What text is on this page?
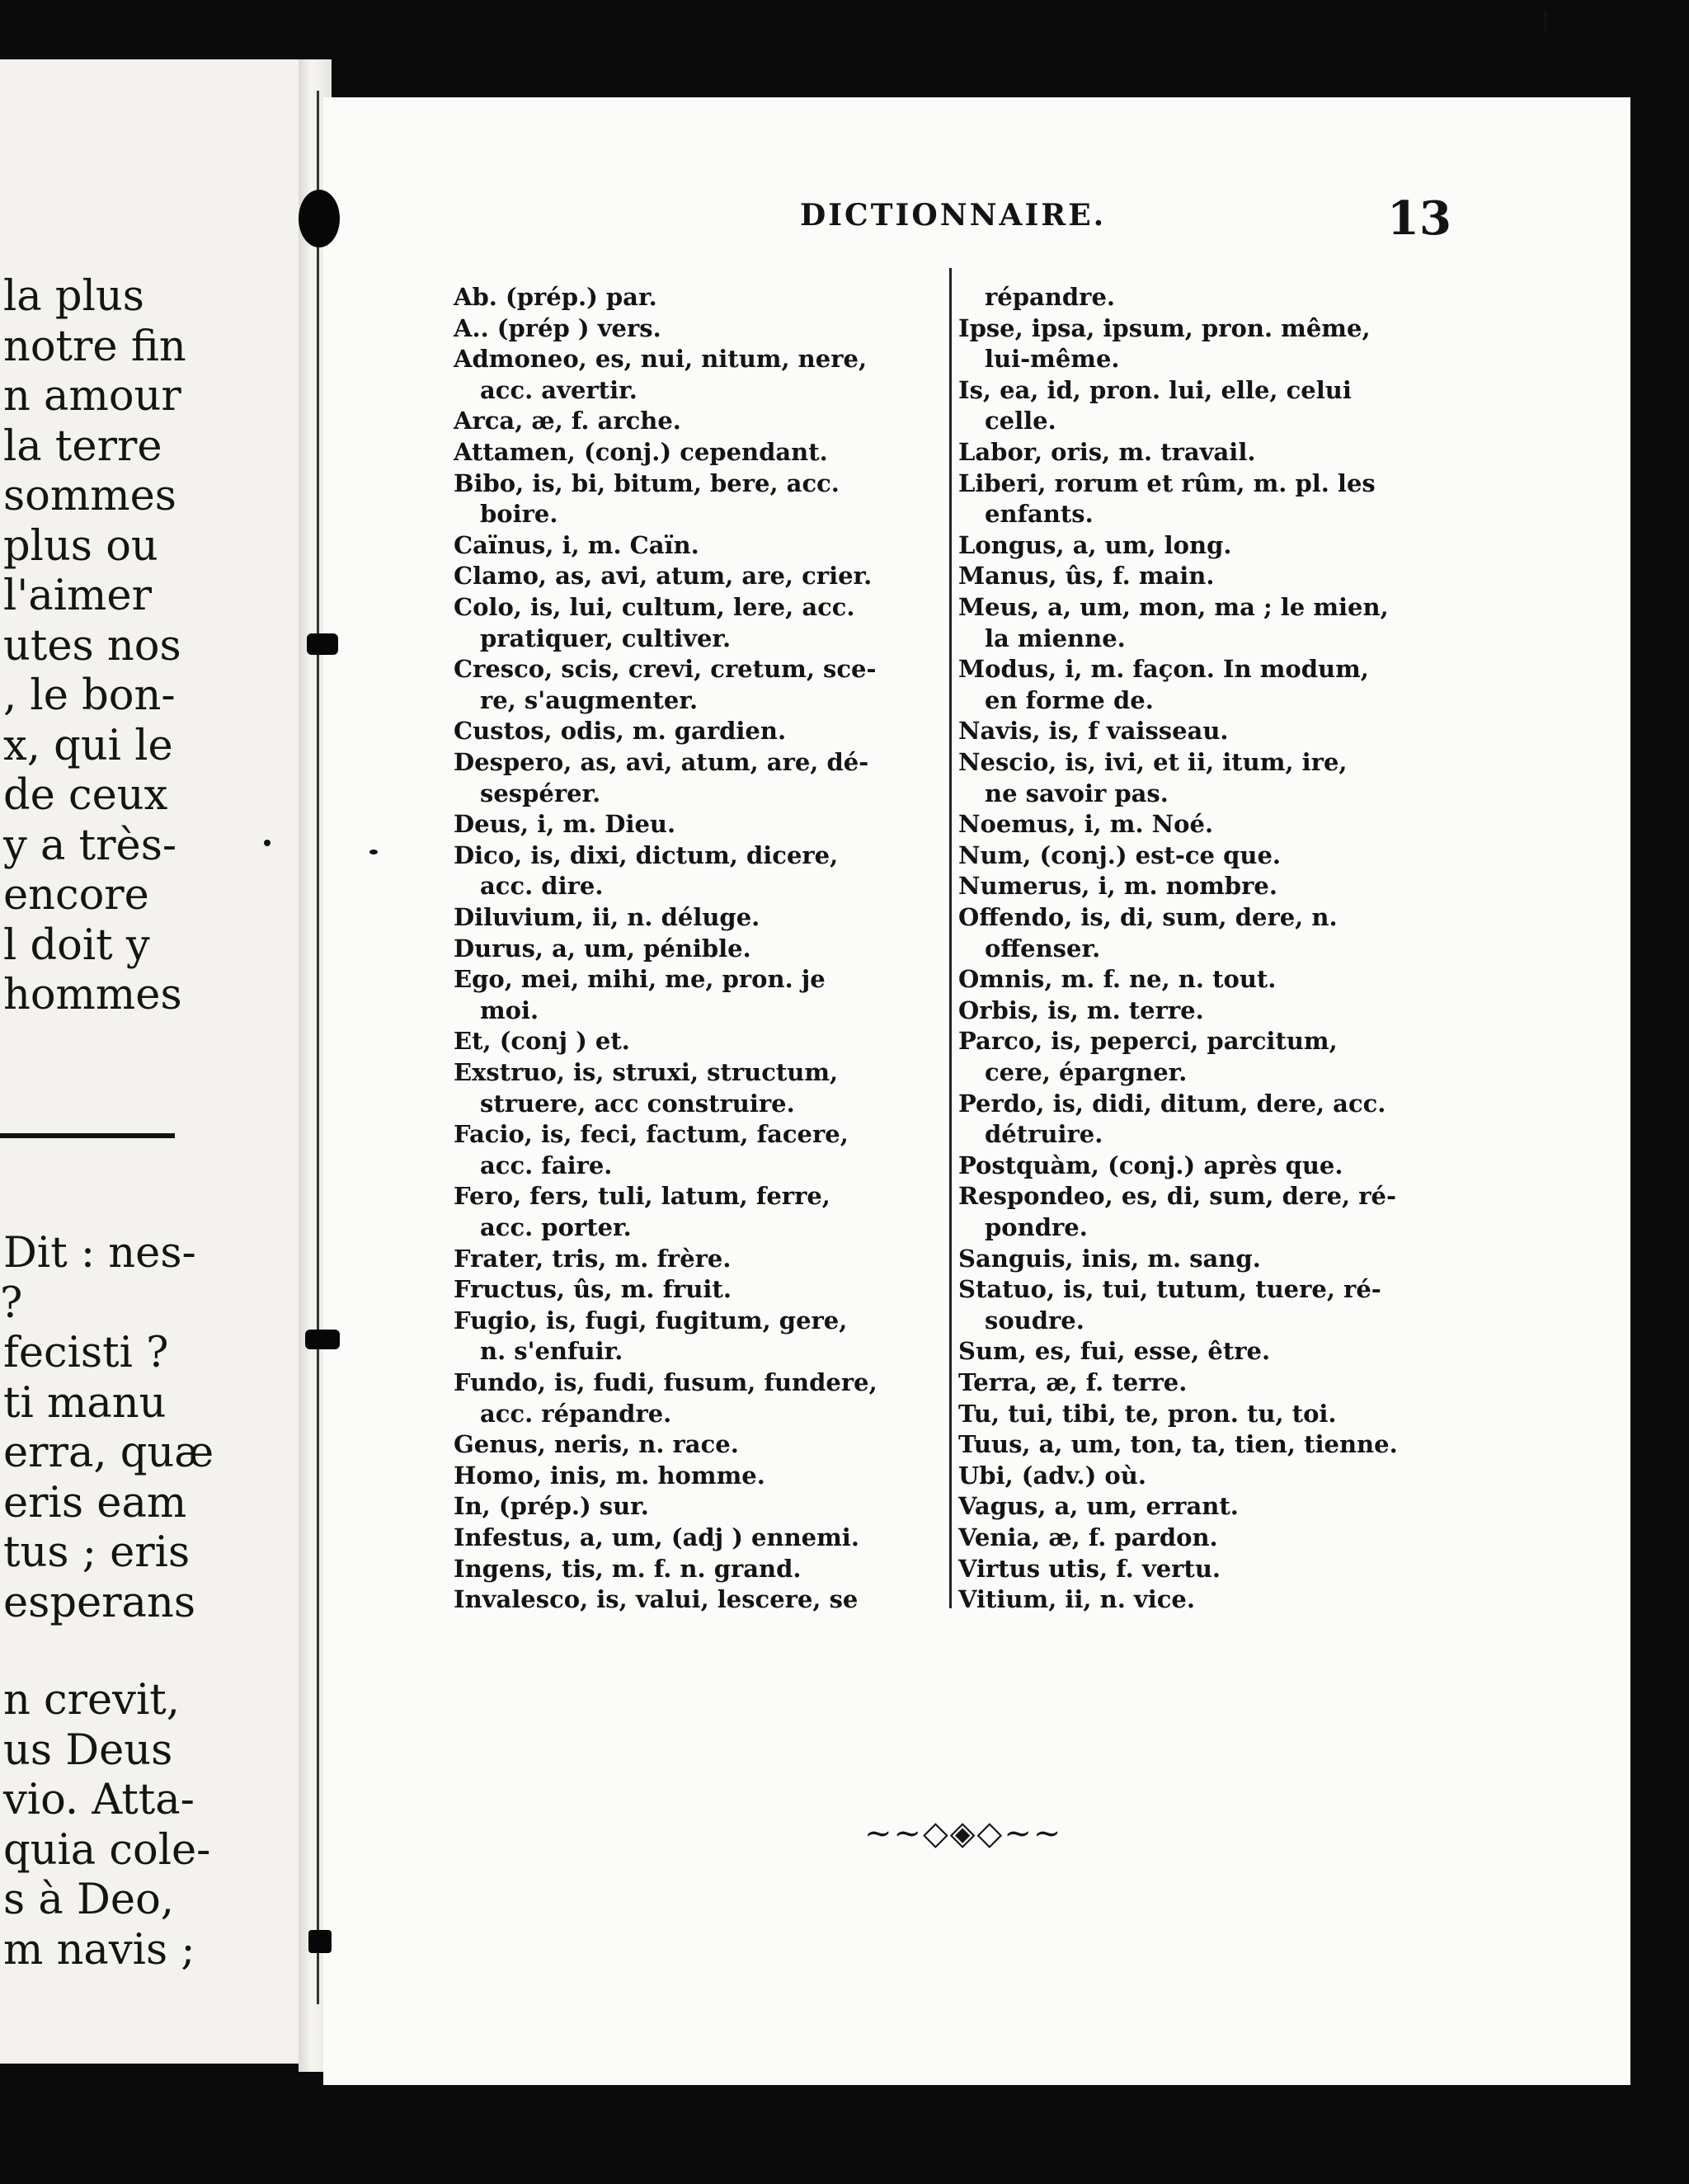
la plus
notre fin
n amour
la terre
sommes
plus ou
l'aimer
utes nos
, le bon-
x, qui le
de ceux
y a très-
encore
l doit y
hommes
Dit : nes-
?
fecisti ?
ti manu
erra, quæ
eris eam
tus ; eris
esperans
n crevit,
us Deus
vio. Atta-
quia cole-
s à Deo,
m navis ;
DICTIONNAIRE.	13
Ab. (prép.) par.
A.. (prép ) vers.
Admoneo, es, nui, nitum, nere,
acc. avertir.
Arca, æ, f. arche.
Attamen, (conj.) cependant.
Bibo, is, bi, bitum, bere, acc.
boire.
Caïnus, i, m. Caïn.
Clamo, as, avi, atum, are, crier.
Colo, is, lui, cultum, lere, acc.
pratiquer, cultiver.
Cresco, scis, crevi, cretum, sce-
re, s'augmenter.
Custos, odis, m. gardien.
Despero, as, avi, atum, are, dé-
sespérer.
Deus, i, m. Dieu.
Dico, is, dixi, dictum, dicere,
acc. dire.
Diluvium, ii, n. déluge.
Durus, a, um, pénible.
Ego, mei, mihi, me, pron. je
moi.
Et, (conj ) et.
Exstruo, is, struxi, structum,
struere, acc construire.
Facio, is, feci, factum, facere,
acc. faire.
Fero, fers, tuli, latum, ferre,
acc. porter.
Frater, tris, m. frère.
Fructus, ûs, m. fruit.
Fugio, is, fugi, fugitum, gere,
n. s'enfuir.
Fundo, is, fudi, fusum, fundere,
acc. répandre.
Genus, neris, n. race.
Homo, inis, m. homme.
In, (prép.) sur.
Infestus, a, um, (adj ) ennemi.
Ingens, tis, m. f. n. grand.
Invalesco, is, valui, lescere, se
répandre.
Ipse, ipsa, ipsum, pron. même,
lui-même.
Is, ea, id, pron. lui, elle, celui
celle.
Labor, oris, m. travail.
Liberi, rorum et rûm, m. pl. les
enfants.
Longus, a, um, long.
Manus, ûs, f. main.
Meus, a, um, mon, ma ; le mien,
la mienne.
Modus, i, m. façon. In modum,
en forme de.
Navis, is, f vaisseau.
Nescio, is, ivi, et ii, itum, ire,
ne savoir pas.
Noemus, i, m. Noé.
Num, (conj.) est-ce que.
Numerus, i, m. nombre.
Offendo, is, di, sum, dere, n.
offenser.
Omnis, m. f. ne, n. tout.
Orbis, is, m. terre.
Parco, is, peperci, parcitum,
cere, épargner.
Perdo, is, didi, ditum, dere, acc.
détruire.
Postquàm, (conj.) après que.
Respondeo, es, di, sum, dere, ré-
pondre.
Sanguis, inis, m. sang.
Statuo, is, tui, tutum, tuere, ré-
soudre.
Sum, es, fui, esse, être.
Terra, æ, f. terre.
Tu, tui, tibi, te, pron. tu, toi.
Tuus, a, um, ton, ta, tien, tienne.
Ubi, (adv.) où.
Vagus, a, um, errant.
Venia, æ, f. pardon.
Virtus utis, f. vertu.
Vitium, ii, n. vice.
~~◇◈◇~~
